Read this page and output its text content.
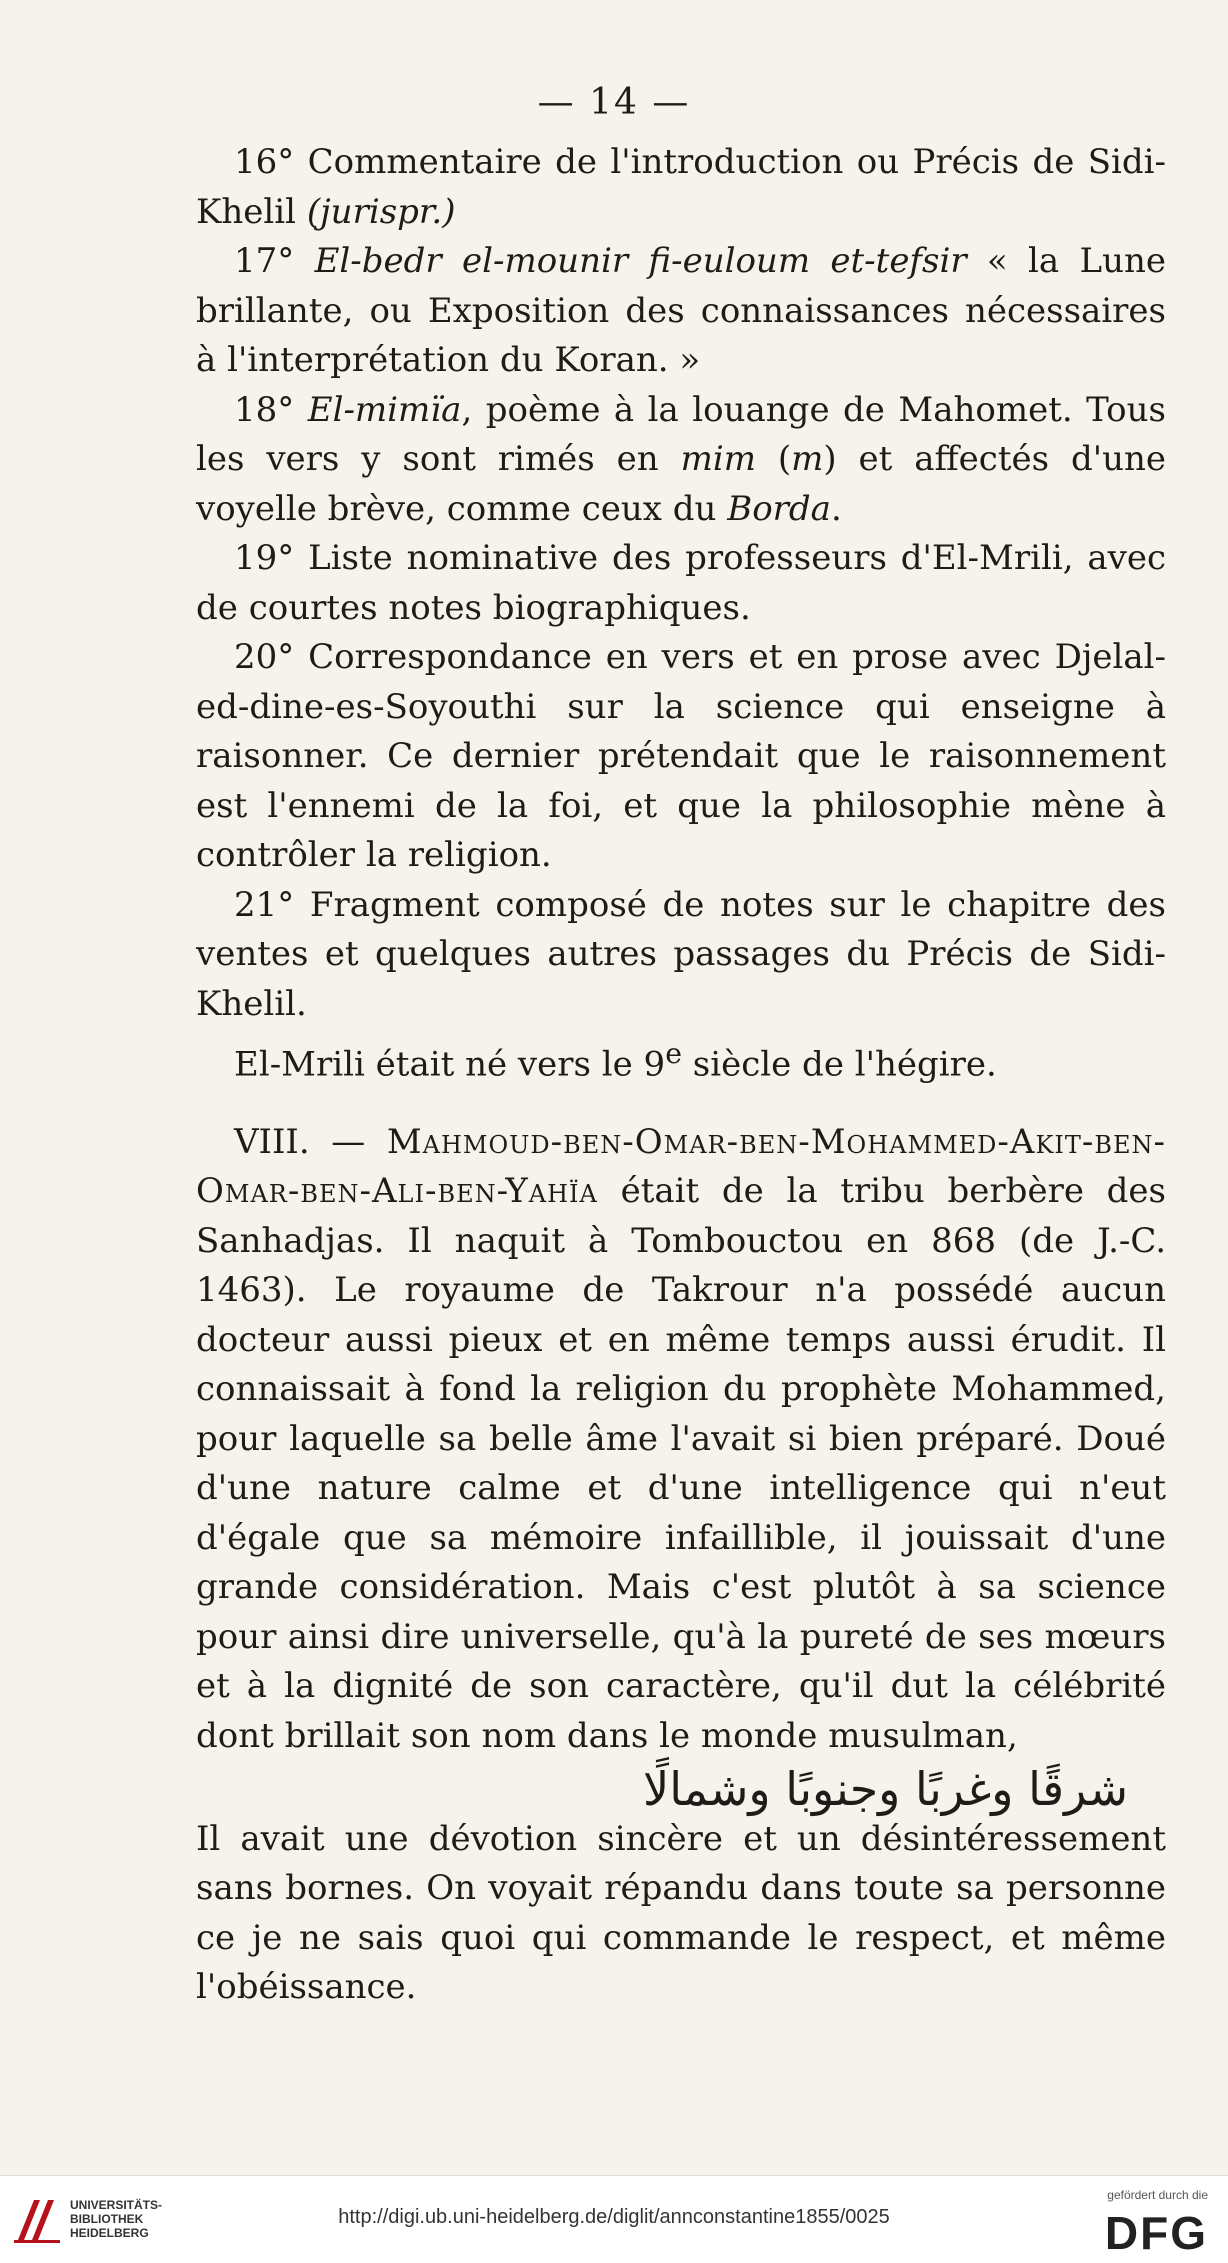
— 14 —

16° Commentaire de l'introduction ou Précis de Sidi-Khelil (jurispr.)

17° El-bedr el-mounir fi-euloum et-tefsir « la Lune brillante, ou Exposition des connaissances nécessaires à l'interprétation du Koran. »

18° El-mimïa, poème à la louange de Mahomet. Tous les vers y sont rimés en mim (m) et affectés d'une voyelle brève, comme ceux du Borda.

19° Liste nominative des professeurs d'El-Mrili, avec de courtes notes biographiques.

20° Correspondance en vers et en prose avec Djelal-ed-dine-es-Soyouthi sur la science qui enseigne à raisonner. Ce dernier prétendait que le raisonnement est l'ennemi de la foi, et que la philosophie mène à contrôler la religion.

21° Fragment composé de notes sur le chapitre des ventes et quelques autres passages du Précis de Sidi-Khelil.

El-Mrili était né vers le 9e siècle de l'hégire.

VIII. — Mahmoud-ben-Omar-ben-Mohammed-Akit-ben-Omar-ben-Ali-ben-Yahïa était de la tribu berbère des Sanhadjas. Il naquit à Tombouctou en 868 (de J.-C. 1463). Le royaume de Takrour n'a possédé aucun docteur aussi pieux et en même temps aussi érudit. Il connaissait à fond la religion du prophète Mohammed, pour laquelle sa belle âme l'avait si bien préparé. Doué d'une nature calme et d'une intelligence qui n'eut d'égale que sa mémoire infaillible, il jouissait d'une grande considération. Mais c'est plutôt à sa science pour ainsi dire universelle, qu'à la pureté de ses mœurs et à la dignité de son caractère, qu'il dut la célébrité dont brillait son nom dans le monde musulman,
شرقًا وغربًا وجنوبًا وشمالًا

Il avait une dévotion sincère et un désintéressement sans bornes. On voyait répandu dans toute sa personne ce je ne sais quoi qui commande le respect, et même l'obéissance.

UNIVERSITÄTS-
BIBLIOTHEK
HEIDELBERG
http://digi.ub.uni-heidelberg.de/diglit/annconstantine1855/0025
gefördert durch die
DFG
